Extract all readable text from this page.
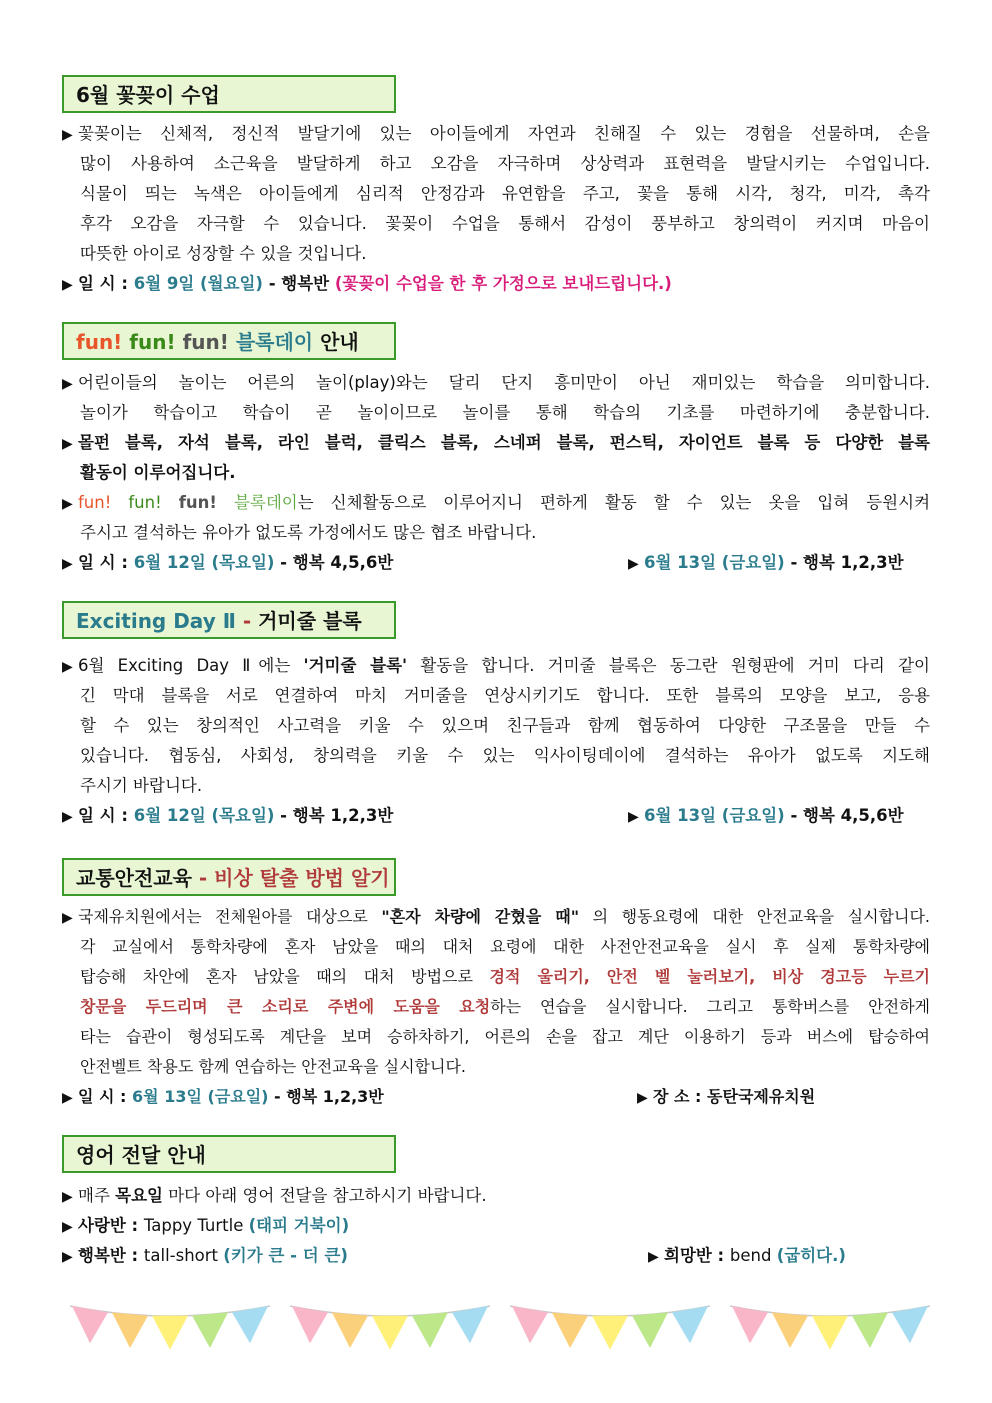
6월 꽃꽂이 수업
▶ 꽃꽂이는 신체적, 정신적 발달기에 있는 아이들에게 자연과 친해질 수 있는 경험을 선물하며, 손을
많이 사용하여 소근육을 발달하게 하고 오감을 자극하며 상상력과 표현력을 발달시키는 수업입니다.
식물이 띄는 녹색은 아이들에게 심리적 안정감과 유연함을 주고, 꽃을 통해 시각, 청각, 미각, 촉각
후각 오감을 자극할 수 있습니다. 꽃꽂이 수업을 통해서 감성이 풍부하고 창의력이 커지며 마음이
따뜻한 아이로 성장할 수 있을 것입니다.
▶ 일 시 : 6월 9일 (월요일) - 행복반 (꽃꽂이 수업을 한 후 가정으로 보내드립니다.)
fun! fun! fun! 블록데이 안내
▶ 어린이들의 놀이는 어른의 놀이(play)와는 달리 단지 흥미만이 아닌 재미있는 학습을 의미합니다.
놀이가 학습이고 학습이 곧 놀이이므로 놀이를 통해 학습의 기초를 마련하기에 충분합니다.
▶ 몰펀 블록, 자석 블록, 라인 블럭, 클릭스 블록, 스네퍼 블록, 펀스틱, 자이언트 블록 등 다양한 블록
활동이 이루어집니다.
▶ fun! fun! fun! 블록데이는 신체활동으로 이루어지니 편하게 활동 할 수 있는 옷을 입혀 등원시켜
주시고 결석하는 유아가 없도록 가정에서도 많은 협조 바랍니다.
▶ 일 시 : 6월 12일 (목요일) - 행복 4,5,6반	▶ 6월 13일 (금요일) - 행복 1,2,3반
Exciting Day Ⅱ - 거미줄 블록
▶ 6월 Exciting Day Ⅱ에는 '거미줄 블록' 활동을 합니다. 거미줄 블록은 동그란 원형판에 거미 다리 같이
긴 막대 블록을 서로 연결하여 마치 거미줄을 연상시키기도 합니다. 또한 블록의 모양을 보고, 응용
할 수 있는 창의적인 사고력을 키울 수 있으며 친구들과 함께 협동하여 다양한 구조물을 만들 수
있습니다. 협동심, 사회성, 창의력을 키울 수 있는 익사이팅데이에 결석하는 유아가 없도록 지도해
주시기 바랍니다.
▶ 일 시 : 6월 12일 (목요일) - 행복 1,2,3반	▶ 6월 13일 (금요일) - 행복 4,5,6반
교통안전교육 - 비상 탈출 방법 알기
▶ 국제유치원에서는 전체원아를 대상으로 "혼자 차량에 갇혔을 때" 의 행동요령에 대한 안전교육을 실시합니다.
각 교실에서 통학차량에 혼자 남았을 때의 대처 요령에 대한 사전안전교육을 실시 후 실제 통학차량에
탑승해 차안에 혼자 남았을 때의 대처 방법으로 경적 울리기, 안전 벨 눌러보기, 비상 경고등 누르기
창문을 두드리며 큰 소리로 주변에 도움을 요청하는 연습을 실시합니다. 그리고 통학버스를 안전하게
타는 습관이 형성되도록 계단을 보며 승하차하기, 어른의 손을 잡고 계단 이용하기 등과 버스에 탑승하여
안전벨트 착용도 함께 연습하는 안전교육을 실시합니다.
▶ 일 시 : 6월 13일 (금요일) - 행복 1,2,3반	▶ 장 소 : 동탄국제유치원
영어 전달 안내
▶ 매주 목요일 마다 아래 영어 전달을 참고하시기 바랍니다.
▶ 사랑반 : Tappy Turtle (태피 거북이)
▶ 행복반 : tall-short (키가 큰 - 더 큰)	▶ 희망반 : bend (굽히다.)
